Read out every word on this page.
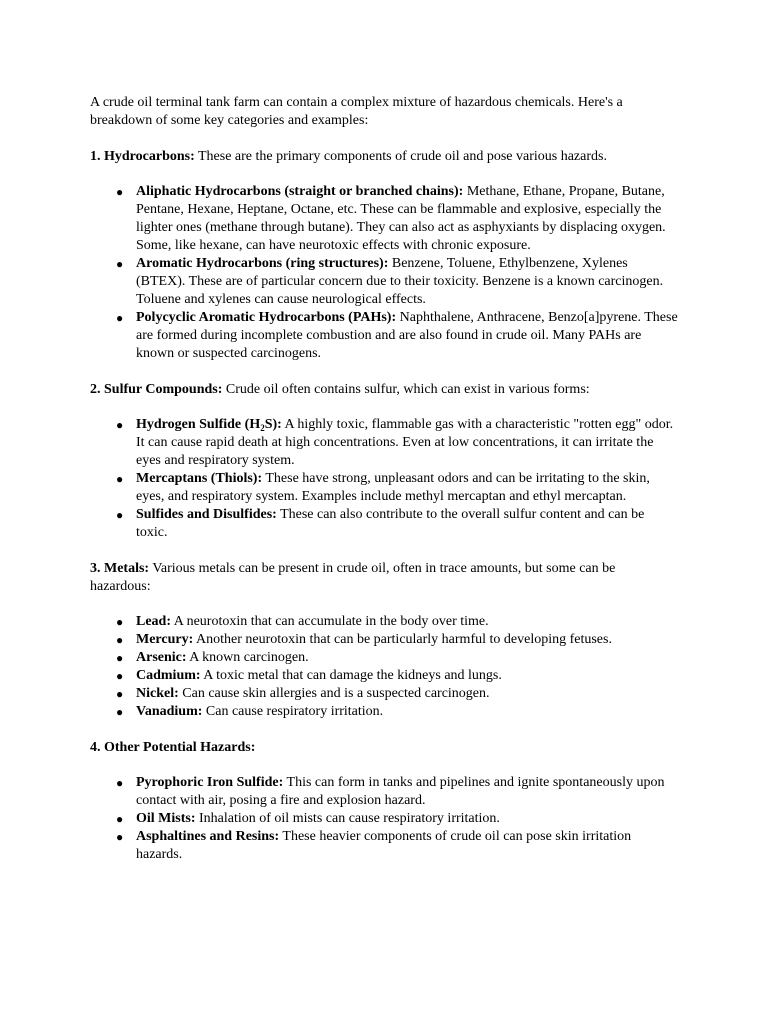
A crude oil terminal tank farm can contain a complex mixture of hazardous chemicals. Here's a breakdown of some key categories and examples:

1. Hydrocarbons: These are the primary components of crude oil and pose various hazards.

● Aliphatic Hydrocarbons (straight or branched chains): Methane, Ethane, Propane, Butane, Pentane, Hexane, Heptane, Octane, etc. These can be flammable and explosive, especially the lighter ones (methane through butane). They can also act as asphyxiants by displacing oxygen. Some, like hexane, can have neurotoxic effects with chronic exposure.
● Aromatic Hydrocarbons (ring structures): Benzene, Toluene, Ethylbenzene, Xylenes (BTEX). These are of particular concern due to their toxicity. Benzene is a known carcinogen. Toluene and xylenes can cause neurological effects.
● Polycyclic Aromatic Hydrocarbons (PAHs): Naphthalene, Anthracene, Benzo[a]pyrene. These are formed during incomplete combustion and are also found in crude oil. Many PAHs are known or suspected carcinogens.

2. Sulfur Compounds: Crude oil often contains sulfur, which can exist in various forms:

● Hydrogen Sulfide $(H_2S)$: A highly toxic, flammable gas with a characteristic "rotten egg" odor. It can cause rapid death at high concentrations. Even at low concentrations, it can irritate the eyes and respiratory system.
● Mercaptans (Thiols): These have strong, unpleasant odors and can be irritating to the skin, eyes, and respiratory system. Examples include methyl mercaptan and ethyl mercaptan.
● Sulfides and Disulfides: These can also contribute to the overall sulfur content and can be toxic.

3. Metals: Various metals can be present in crude oil, often in trace amounts, but some can be hazardous:

● Lead: A neurotoxin that can accumulate in the body over time.
● Mercury: Another neurotoxin that can be particularly harmful to developing fetuses.
● Arsenic: A known carcinogen.
● Cadmium: A toxic metal that can damage the kidneys and lungs.
● Nickel: Can cause skin allergies and is a suspected carcinogen.
● Vanadium: Can cause respiratory irritation.

4. Other Potential Hazards:

● Pyrophoric Iron Sulfide: This can form in tanks and pipelines and ignite spontaneously upon contact with air, posing a fire and explosion hazard.
● Oil Mists: Inhalation of oil mists can cause respiratory irritation.
● Asphaltines and Resins: These heavier components of crude oil can pose skin irritation hazards.
